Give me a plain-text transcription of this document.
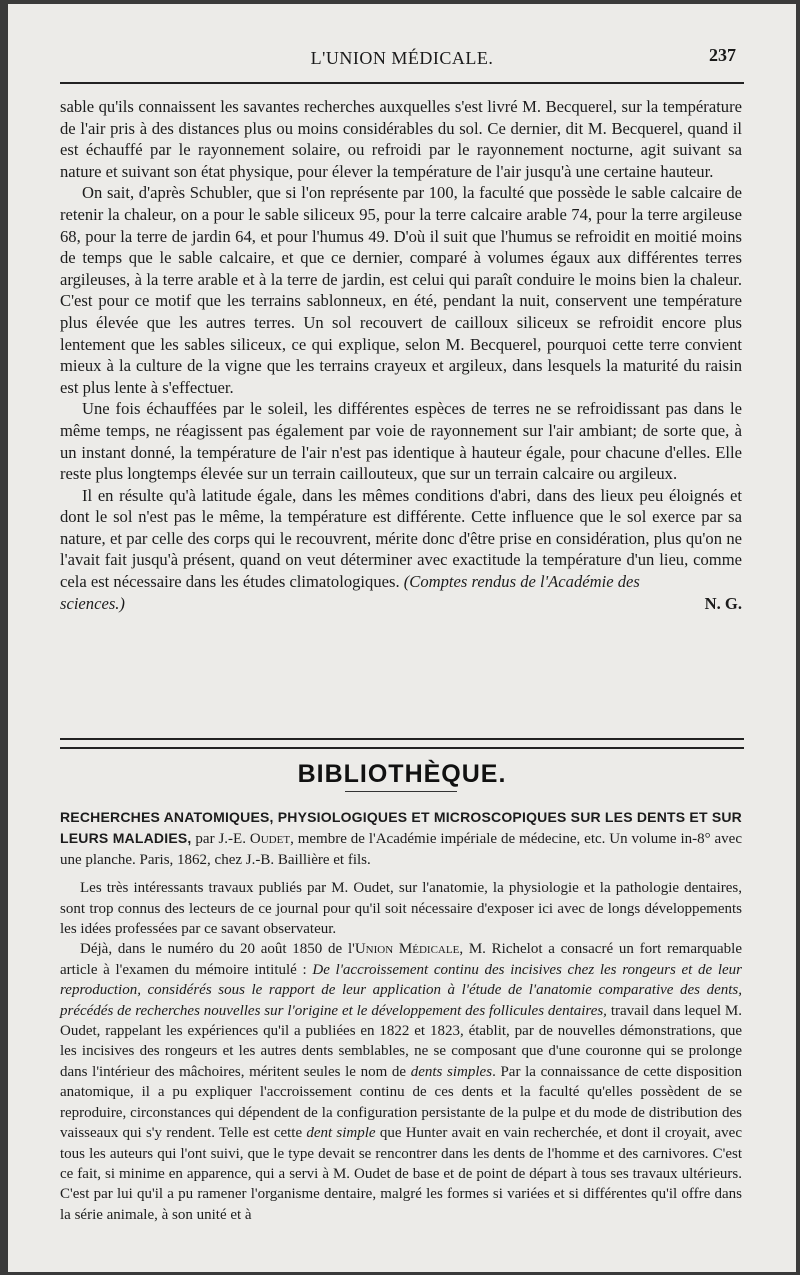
L'UNION MÉDICALE.	237

sable qu'ils connaissent les savantes recherches auxquelles s'est livré M. Becquerel, sur la température de l'air pris à des distances plus ou moins considérables du sol. Ce dernier, dit M. Becquerel, quand il est échauffé par le rayonnement solaire, ou refroidi par le rayonnement nocturne, agit suivant sa nature et suivant son état physique, pour élever la température de l'air jusqu'à une certaine hauteur.

On sait, d'après Schubler, que si l'on représente par 100, la faculté que possède le sable calcaire de retenir la chaleur, on a pour le sable siliceux 95, pour la terre calcaire arable 74, pour la terre argileuse 68, pour la terre de jardin 64, et pour l'humus 49. D'où il suit que l'humus se refroidit en moitié moins de temps que le sable calcaire, et que ce dernier, comparé à volumes égaux aux différentes terres argileuses, à la terre arable et à la terre de jardin, est celui qui paraît conduire le moins bien la chaleur. C'est pour ce motif que les terrains sablonneux, en été, pendant la nuit, conservent une température plus élevée que les autres terres. Un sol recouvert de cailloux siliceux se refroidit encore plus lentement que les sables siliceux, ce qui explique, selon M. Becquerel, pourquoi cette terre convient mieux à la culture de la vigne que les terrains crayeux et argileux, dans lesquels la maturité du raisin est plus lente à s'effectuer.

Une fois échauffées par le soleil, les différentes espèces de terres ne se refroidissant pas dans le même temps, ne réagissent pas également par voie de rayonnement sur l'air ambiant; de sorte que, à un instant donné, la température de l'air n'est pas identique à hauteur égale, pour chacune d'elles. Elle reste plus longtemps élevée sur un terrain caillouteux, que sur un terrain calcaire ou argileux.

Il en résulte qu'à latitude égale, dans les mêmes conditions d'abri, dans des lieux peu éloignés et dont le sol n'est pas le même, la température est différente. Cette influence que le sol exerce par sa nature, et par celle des corps qui le recouvrent, mérite donc d'être prise en considération, plus qu'on ne l'avait fait jusqu'à présent, quand on veut déterminer avec exactitude la température d'un lieu, comme cela est nécessaire dans les études climatologiques. (Comptes rendus de l'Académie des

sciences.)	N. G.
BIBLIOTHÈQUE.

RECHERCHES ANATOMIQUES, PHYSIOLOGIQUES ET MICROSCOPIQUES SUR LES DENTS ET SUR LEURS MALADIES, par J.-E. Oudet, membre de l'Académie impériale de médecine, etc. Un volume in-8° avec une planche. Paris, 1862, chez J.-B. Baillière et fils.

Les très intéressants travaux publiés par M. Oudet, sur l'anatomie, la physiologie et la pathologie dentaires, sont trop connus des lecteurs de ce journal pour qu'il soit nécessaire d'exposer ici avec de longs développements les idées professées par ce savant observateur.

Déjà, dans le numéro du 20 août 1850 de l'Union Médicale, M. Richelot a consacré un fort remarquable article à l'examen du mémoire intitulé : De l'accroissement continu des incisives chez les rongeurs et de leur reproduction, considérés sous le rapport de leur application à l'étude de l'anatomie comparative des dents, précédés de recherches nouvelles sur l'origine et le développement des follicules dentaires, travail dans lequel M. Oudet, rappelant les expériences qu'il a publiées en 1822 et 1823, établit, par de nouvelles démonstrations, que les incisives des rongeurs et les autres dents semblables, ne se composant que d'une couronne qui se prolonge dans l'intérieur des mâchoires, méritent seules le nom de dents simples. Par la connaissance de cette disposition anatomique, il a pu expliquer l'accroissement continu de ces dents et la faculté qu'elles possèdent de se reproduire, circonstances qui dépendent de la configuration persistante de la pulpe et du mode de distribution des vaisseaux qui s'y rendent. Telle est cette dent simple que Hunter avait en vain recherchée, et dont il croyait, avec tous les auteurs qui l'ont suivi, que le type devait se rencontrer dans les dents de l'homme et des carnivores. C'est ce fait, si minime en apparence, qui a servi à M. Oudet de base et de point de départ à tous ses travaux ultérieurs. C'est par lui qu'il a pu ramener l'organisme dentaire, malgré les formes si variées et si différentes qu'il offre dans la série animale, à son unité et à
